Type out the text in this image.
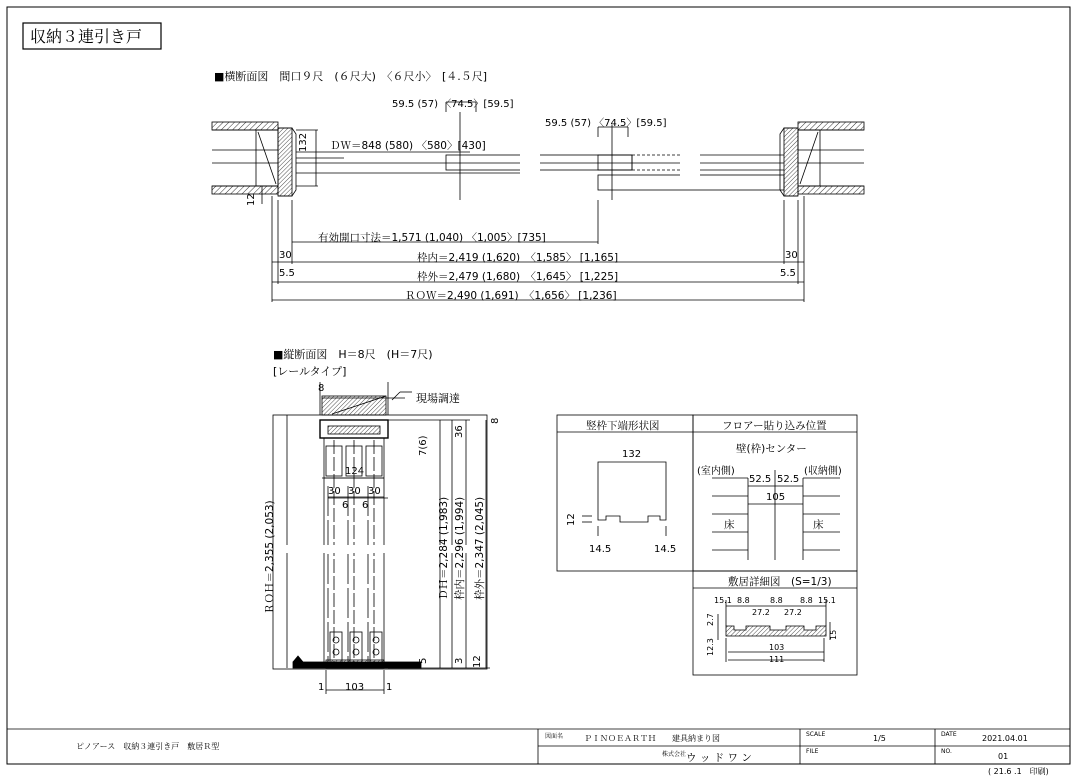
収納３連引き戸
■横断面図　間口９尺　(６尺大)　〈６尺小〉　[４.５尺]
59.5 (57) 〈74.5〉[59.5]
59.5 (57) 〈74.5〉[59.5]
ＤＷ＝848 (580) 〈580〉[430]
132
12
有効開口寸法＝1,571 (1,040) 〈1,005〉[735]
枠内＝2,419 (1,620)　〈1,585〉 [1,165]
枠外＝2,479 (1,680)　〈1,645〉 [1,225]
ＲＯＷ＝2,490 (1,691)　〈1,656〉 [1,236]
30	30
5.5	5.5
■縦断面図　H＝8尺　(H＝7尺)
[レールタイプ]
現場調達
8
8
36
7(6)
124
30 30 30
6 6
ＲＯＨ＝2,355 (2,053)	ＤＨ＝2,284 (1,983) 枠内＝2,296 (1,994) 枠外＝2,347 (2,045)
5	3 12
1 103 1
竪枠下端形状図
132
12
14.5	14.5
フロアー貼り込み位置
壁(枠)センター
(室内側)	(収納側)
52.5 52.5
105
床	床
敷居詳細図　(S=1/3)
15.1 8.8	8.8 8.8 15.1
27.2 27.2
2.7
12.3
15
103
111
ピノアース　収納３連引き戸　敷居Ｒ型
図面名	ＰＩＮＯＥＡＲＴＨ　　建具納まり図
株式会社 ウ ッ ド ワ ン
SCALE	1/5
FILE
DATE	2021.04.01
NO.
01
( 21.6 .1　印刷)
